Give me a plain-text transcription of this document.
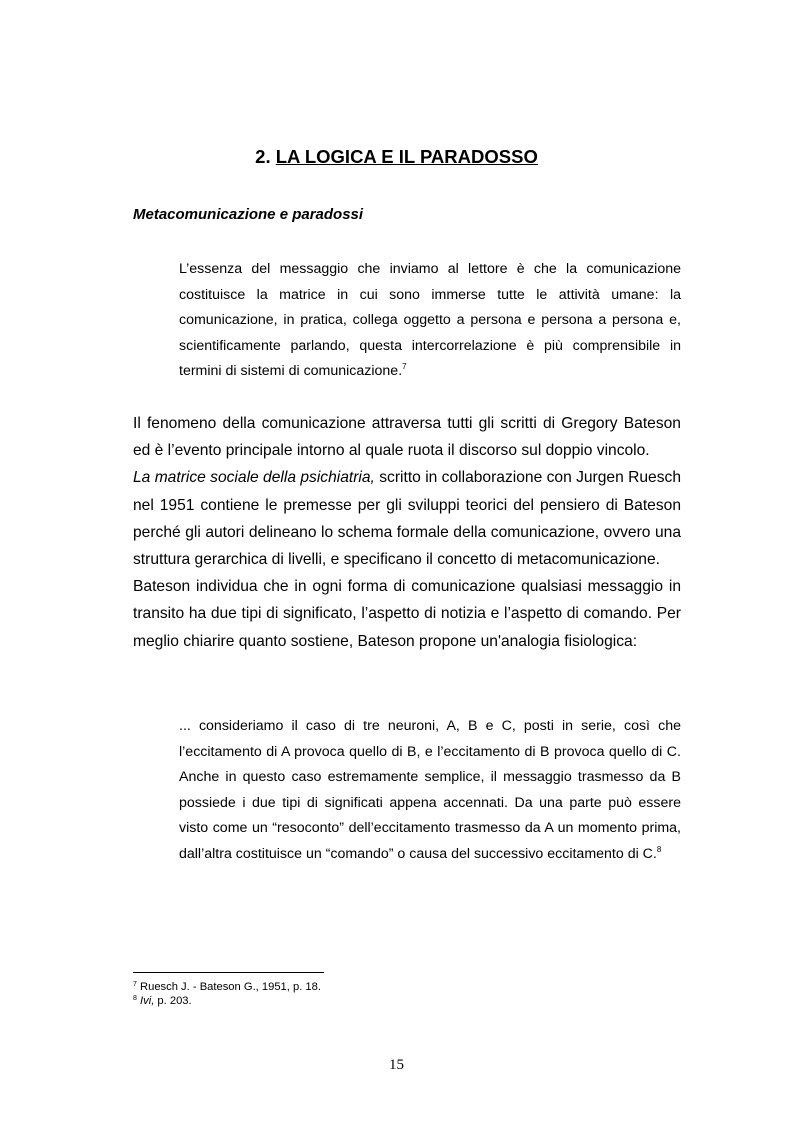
2. LA LOGICA E IL PARADOSSO
Metacomunicazione e paradossi
L’essenza del messaggio che inviamo al lettore è che la comunicazione costituisce la matrice in cui sono immerse tutte le attività umane: la comunicazione, in pratica, collega oggetto a persona e persona a persona e, scientificamente parlando, questa intercorrelazione è più comprensibile in termini di sistemi di comunicazione.$^7$

Il fenomeno della comunicazione attraversa tutti gli scritti di Gregory Bateson ed è l’evento principale intorno al quale ruota il discorso sul doppio vincolo.

La matrice sociale della psichiatria, scritto in collaborazione con Jurgen Ruesch nel 1951 contiene le premesse per gli sviluppi teorici del pensiero di Bateson perché gli autori delineano lo schema formale della comunicazione, ovvero una struttura gerarchica di livelli, e specificano il concetto di metacomunicazione.

Bateson individua che in ogni forma di comunicazione qualsiasi messaggio in transito ha due tipi di significato, l’aspetto di notizia e l’aspetto di comando. Per meglio chiarire quanto sostiene, Bateson propone un'analogia fisiologica:

... consideriamo il caso di tre neuroni, A, B e C, posti in serie, così che l’eccitamento di A provoca quello di B, e l’eccitamento di B provoca quello di C. Anche in questo caso estremamente semplice, il messaggio trasmesso da B possiede i due tipi di significati appena accennati. Da una parte può essere visto come un “resoconto” dell’eccitamento trasmesso da A un momento prima, dall’altra costituisce un “comando” o causa del successivo eccitamento di C.$^8$
$^7$ Ruesch J. - Bateson G., 1951, p. 18.
$^8$ Ivi, p. 203.
15
